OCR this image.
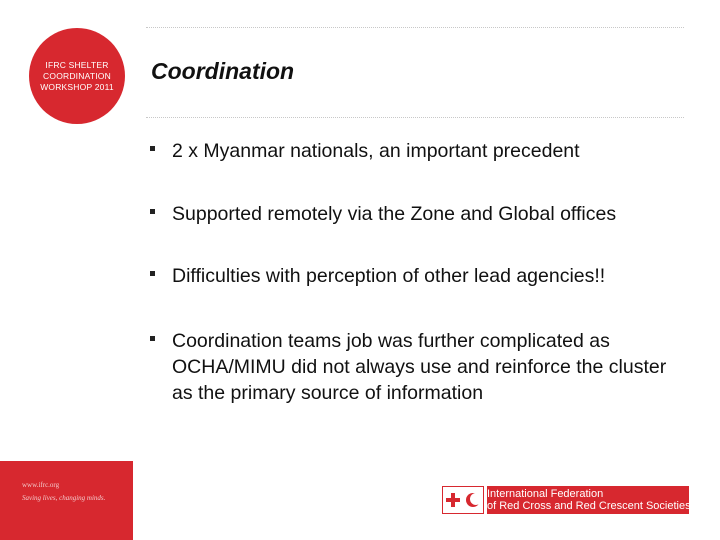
IFRC SHELTER
COORDINATION
WORKSHOP 2011
www.ifrc.org
Saving lives, changing minds.
Coordination
2 x Myanmar nationals, an important precedent
Supported remotely via the Zone and Global offices
Difficulties with perception of other lead agencies!!
Coordination teams job was further complicated as OCHA/MIMU did not always use and reinforce the cluster as the primary source of information
International Federation
of Red Cross and Red Crescent Societies
